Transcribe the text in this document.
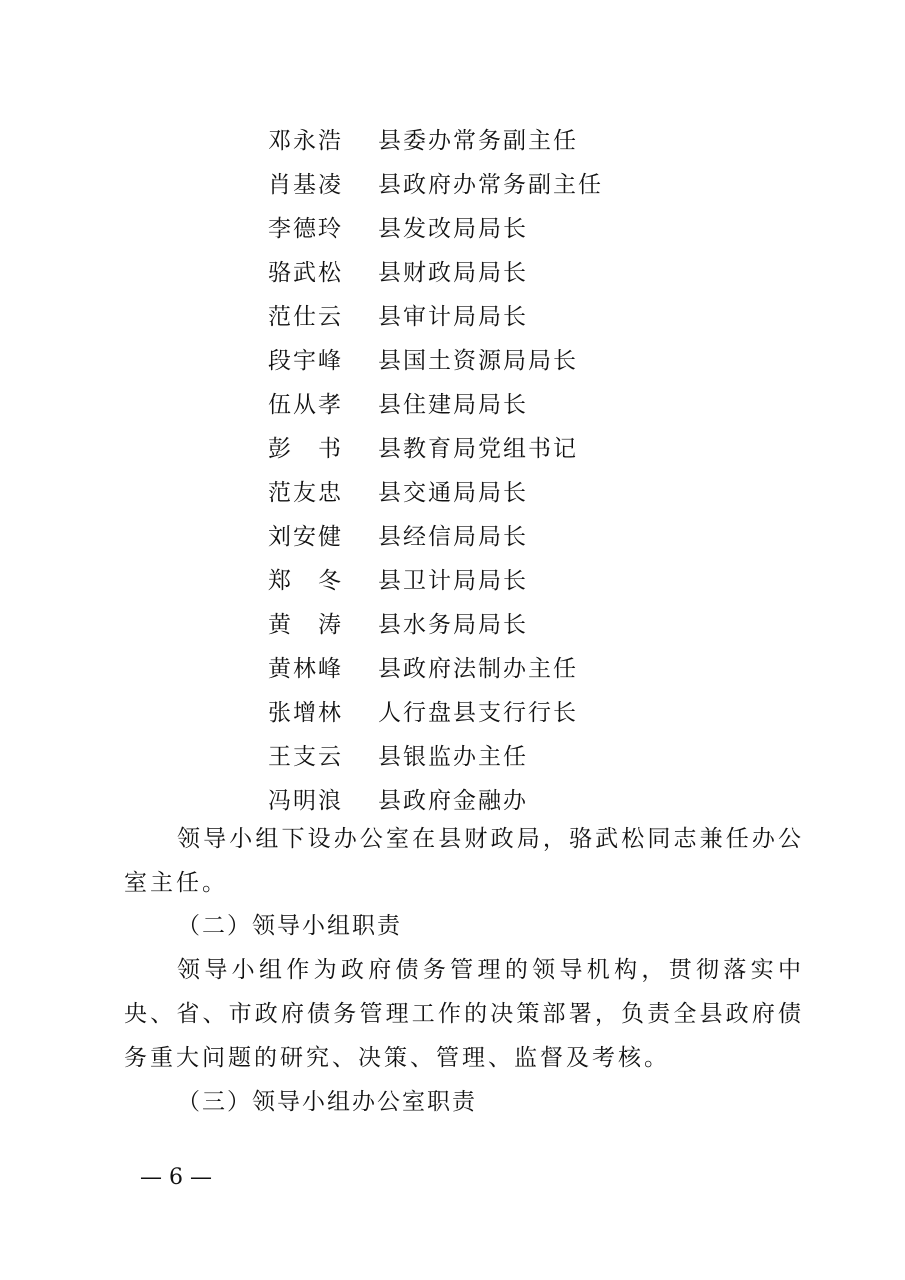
邓永浩	县委办常务副主任
肖基凌	县政府办常务副主任
李德玲	县发改局局长
骆武松	县财政局局长
范仕云	县审计局局长
段宇峰	县国土资源局局长
伍从孝	县住建局局长
彭　书	县教育局党组书记
范友忠	县交通局局长
刘安健	县经信局局长
郑　冬	县卫计局局长
黄　涛	县水务局局长
黄林峰	县政府法制办主任
张增林	人行盘县支行行长
王支云	县银监办主任
冯明浪	县政府金融办

领导小组下设办公室在县财政局，骆武松同志兼任办公室主任。

（二）领导小组职责

领导小组作为政府债务管理的领导机构，贯彻落实中央、省、市政府债务管理工作的决策部署，负责全县政府债务重大问题的研究、决策、管理、监督及考核。

（三）领导小组办公室职责

— 6 —
